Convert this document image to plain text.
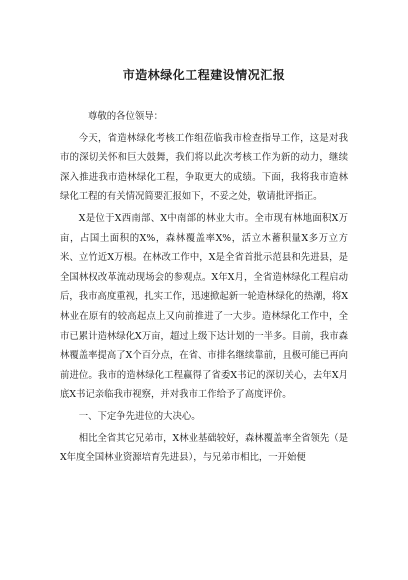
市造林绿化工程建设情况汇报

尊敬的各位领导：

今天，省造林绿化考核工作组莅临我市检查指导工作，这是对我市的深切关怀和巨大鼓舞，我们将以此次考核工作为新的动力，继续深入推进我市造林绿化工程，争取更大的成绩。下面，我将我市造林绿化工程的有关情况简要汇报如下，不妥之处，敬请批评指正。

X是位于X西南部、X中南部的林业大市。全市现有林地面积X万亩，占国土面积的X%，森林覆盖率X%，活立木蓄积量X多万立方米、立竹近X万根。在林改工作中，X是全省首批示范县和先进县，是全国林权改革流动现场会的参观点。X年X月，全省造林绿化工程启动后，我市高度重视，扎实工作，迅速掀起新一轮造林绿化的热潮，将X林业在原有的较高起点上又向前推进了一大步。造林绿化工作中，全市已累计造林绿化X万亩，超过上级下达计划的一半多。目前，我市森林覆盖率提高了X个百分点，在省、市排名继续靠前，且极可能已再向前进位。我市的造林绿化工程赢得了省委X书记的深切关心，去年X月底X书记亲临我市视察，并对我市工作给予了高度评价。

一、下定争先进位的大决心。

相比全省其它兄弟市，X林业基础较好，森林覆盖率全省领先（是X年度全国林业资源培育先进县），与兄弟市相比，一开始便
